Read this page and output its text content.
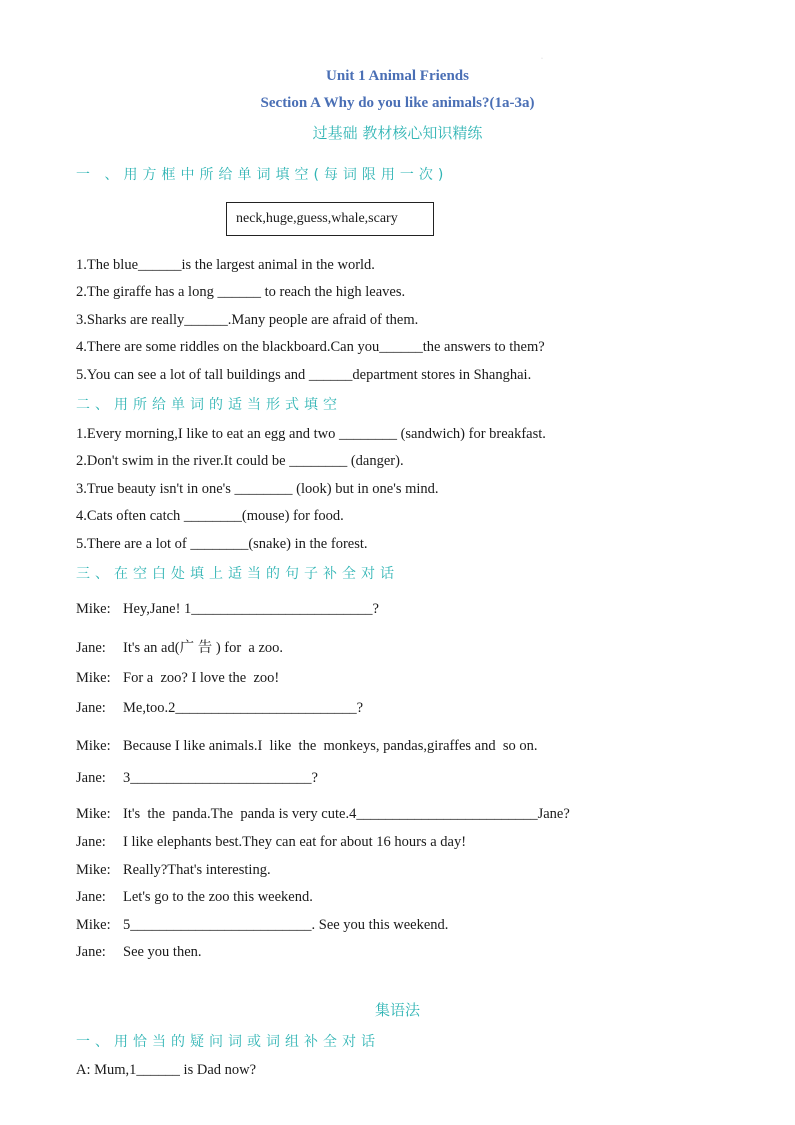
·
Unit 1 Animal Friends
Section A Why do you like animals?(1a-3a)
过基础 教材核心知识精练
一 、用方框中所给单词填空(每词限用一次)
neck,huge,guess,whale,scary
1.The blue______is the largest animal in the world.
2.The giraffe has a long ______ to reach the high leaves.
3.Sharks are really______.Many people are afraid of them.
4.There are some riddles on the blackboard.Can you______the answers to them?
5.You can see a lot of tall buildings and ______department stores in Shanghai.
二、用所给单词的适当形式填空
1.Every morning,I like to eat an egg and two ________ (sandwich) for breakfast.
2.Don't swim in the river.It could be ________ (danger).
3.True beauty isn't in one's ________ (look) but in one's mind.
4.Cats often catch ________(mouse) for food.
5.There are a lot of ________(snake) in the forest.
三、在空白处填上适当的句子补全对话
Mike: Hey,Jane! 1_________________________?
Jane: It's an ad(广 告 ) for  a zoo.
Mike: For a  zoo? I love the  zoo!
Jane: Me,too.2_________________________?
Mike: Because I like animals.I  like  the  monkeys, pandas,giraffes and  so on.
Jane: 3_________________________?
Mike: It's  the  panda.The  panda is very cute.4_________________________Jane?
Jane: I like elephants best.They can eat for about 16 hours a day!
Mike: Really?That's interesting.
Jane: Let's go to the zoo this weekend.
Mike: 5_________________________. See you this weekend.
Jane: See you then.
集语法
一、用恰当的疑问词或词组补全对话
A: Mum,1______ is Dad now?
